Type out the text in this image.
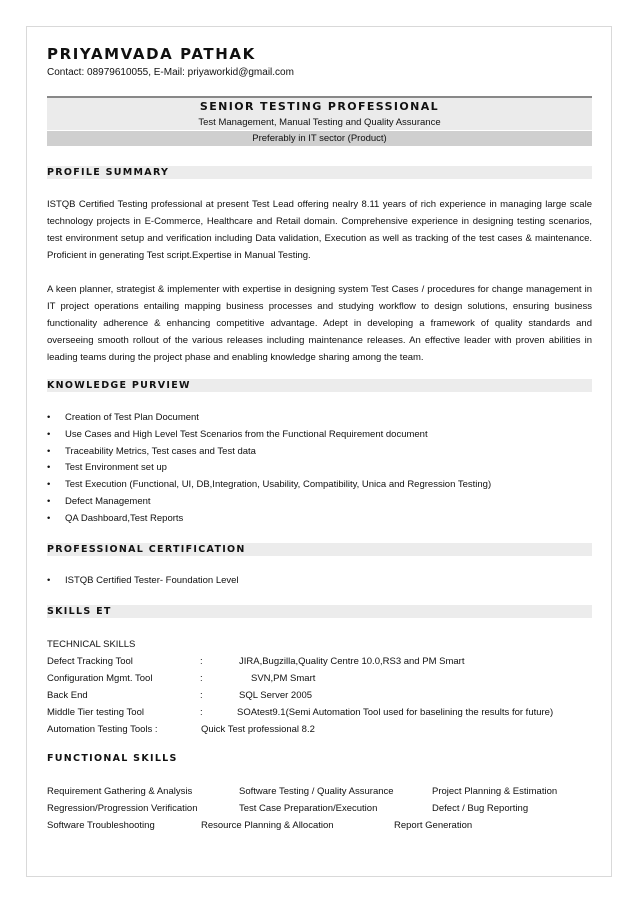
PRIYAMVADA PATHAK
Contact: 08979610055, E-Mail: priyaworkid@gmail.com
SENIOR TESTING PROFESSIONAL
Test Management, Manual Testing and Quality Assurance
Preferably in IT sector (Product)
PROFILE SUMMARY

ISTQB Certified Testing professional at present Test Lead offering nealry 8.11 years of rich experience in managing large scale technology projects in E-Commerce, Healthcare and Retail domain. Comprehensive experience in designing testing scenarios, test environment setup and verification including Data validation, Execution as well as tracking of the test cases & maintenance. Proficient in generating Test script.Expertise in Manual Testing.

A keen planner, strategist & implementer with expertise in designing system Test Cases / procedures for change management in IT project operations entailing mapping business processes and studying workflow to design solutions, ensuring business functionality adherence & enhancing competitive advantage. Adept in developing a framework of quality standards and overseeing smooth rollout of the various releases including maintenance releases. An effective leader with proven abilities in leading teams during the project phase and enabling knowledge sharing among the team.

KNOWLEDGE PURVIEW
• Creation of Test Plan Document
• Use Cases and High Level Test Scenarios from the Functional Requirement document
• Traceability Metrics, Test cases and Test data
• Test Environment set up
• Test Execution (Functional, UI, DB,Integration, Usability, Compatibility, Unica and Regression Testing)
• Defect Management
• QA Dashboard,Test Reports
PROFESSIONAL CERTIFICATION
• ISTQB Certified Tester- Foundation Level
SKILLS ET
TECHNICAL SKILLS
Defect Tracking Tool	:	JIRA,Bugzilla,Quality Centre 10.0,RS3 and PM Smart
Configuration Mgmt. Tool	:	SVN,PM Smart
Back End	:	SQL Server 2005
Middle Tier testing Tool	:	SOAtest9.1(Semi Automation Tool used for baselining the results for future)
Automation Testing Tools :	Quick Test professional 8.2
FUNCTIONAL SKILLS
Requirement Gathering & Analysis	Software Testing / Quality Assurance	Project Planning & Estimation
Regression/Progression Verification	Test Case Preparation/Execution	Defect / Bug Reporting
Software Troubleshooting	Resource Planning & Allocation	Report Generation
